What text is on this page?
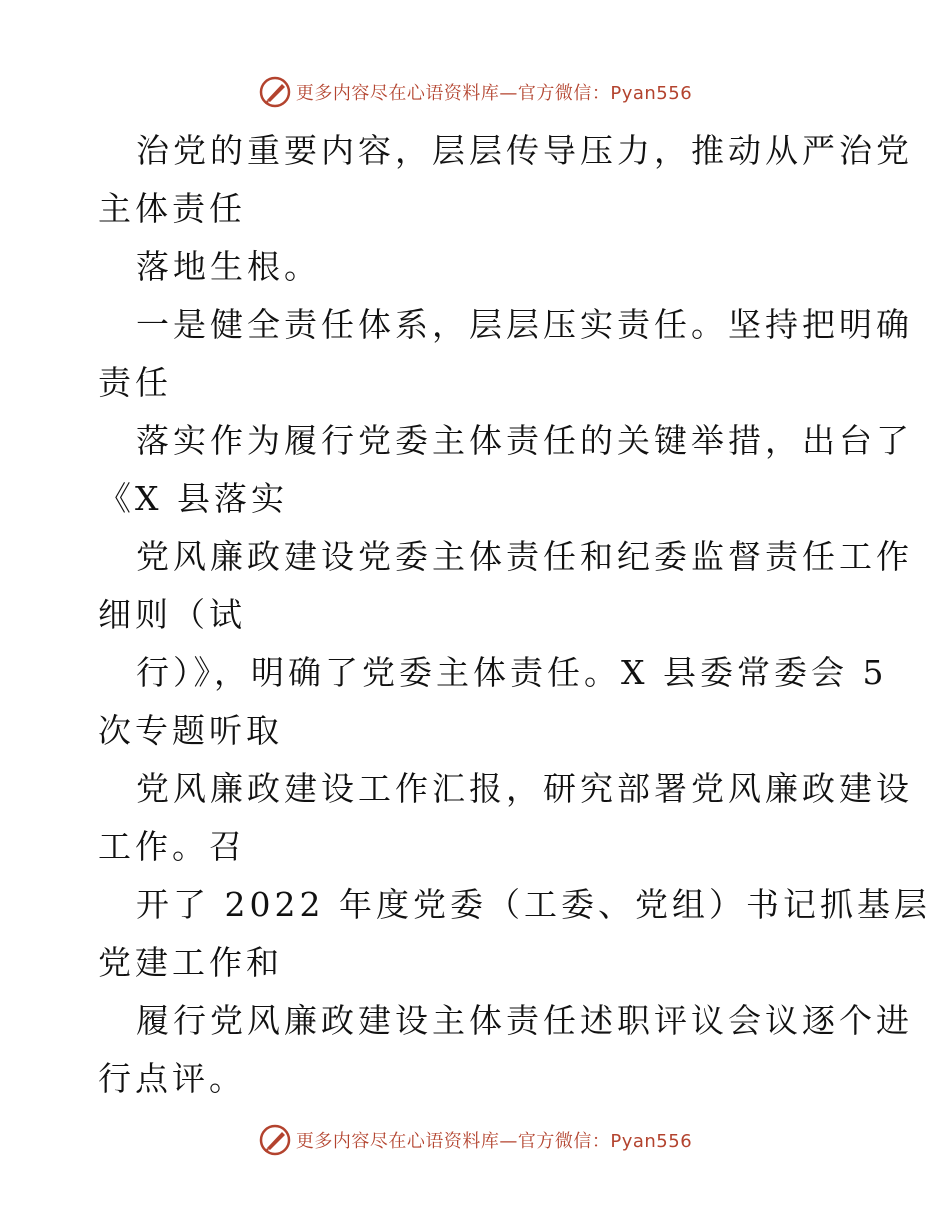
更多内容尽在心语资料库—官方微信：Pyan556
治党的重要内容，层层传导压力，推动从严治党
主体责任
落地生根。
一是健全责任体系，层层压实责任。坚持把明确
责任
落实作为履行党委主体责任的关键举措，出台了
《X 县落实
党风廉政建设党委主体责任和纪委监督责任工作
细则（试
行）》，明确了党委主体责任。X 县委常委会 5
次专题听取
党风廉政建设工作汇报，研究部署党风廉政建设
工作。召
开了 2022 年度党委（工委、党组）书记抓基层
党建工作和
履行党风廉政建设主体责任述职评议会议逐个进
行点评。
更多内容尽在心语资料库—官方微信：Pyan556
